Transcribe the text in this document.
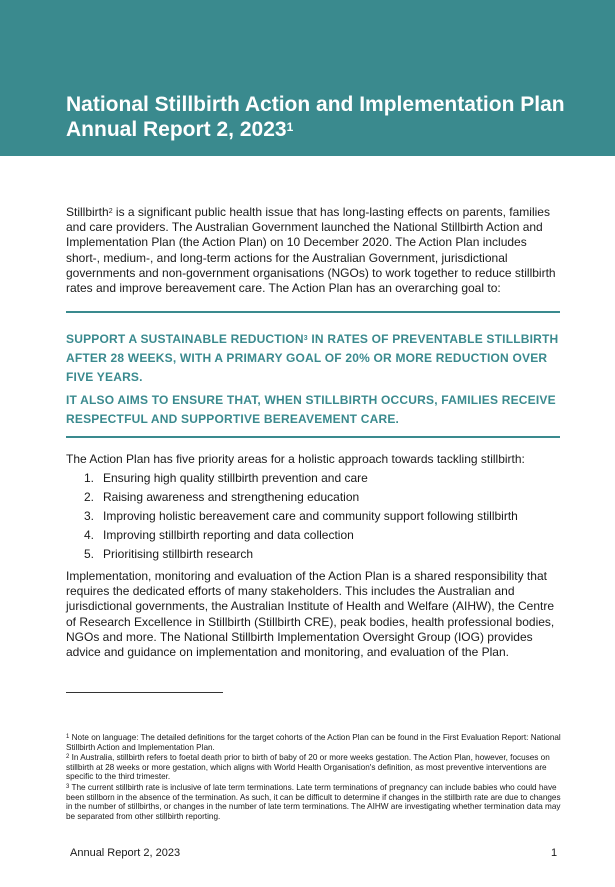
National Stillbirth Action and Implementation Plan Annual Report 2, 2023$^1$

Stillbirth$^2$ is a significant public health issue that has long-lasting effects on parents, families and care providers. The Australian Government launched the National Stillbirth Action and Implementation Plan (the Action Plan) on 10 December 2020. The Action Plan includes short-, medium-, and long-term actions for the Australian Government, jurisdictional governments and non-government organisations (NGOs) to work together to reduce stillbirth rates and improve bereavement care. The Action Plan has an overarching goal to:

SUPPORT A SUSTAINABLE REDUCTION$^3$ IN RATES OF PREVENTABLE STILLBIRTH AFTER 28 WEEKS, WITH A PRIMARY GOAL OF 20% OR MORE REDUCTION OVER FIVE YEARS.

IT ALSO AIMS TO ENSURE THAT, WHEN STILLBIRTH OCCURS, FAMILIES RECEIVE RESPECTFUL AND SUPPORTIVE BEREAVEMENT CARE.

The Action Plan has five priority areas for a holistic approach towards tackling stillbirth:

1. Ensuring high quality stillbirth prevention and care
2. Raising awareness and strengthening education
3. Improving holistic bereavement care and community support following stillbirth
4. Improving stillbirth reporting and data collection
5. Prioritising stillbirth research

Implementation, monitoring and evaluation of the Action Plan is a shared responsibility that requires the dedicated efforts of many stakeholders. This includes the Australian and jurisdictional governments, the Australian Institute of Health and Welfare (AIHW), the Centre of Research Excellence in Stillbirth (Stillbirth CRE), peak bodies, health professional bodies, NGOs and more. The National Stillbirth Implementation Oversight Group (IOG) provides advice and guidance on implementation and monitoring, and evaluation of the Plan.

$^1$ Note on language: The detailed definitions for the target cohorts of the Action Plan can be found in the First Evaluation Report: National Stillbirth Action and Implementation Plan.

$^2$ In Australia, stillbirth refers to foetal death prior to birth of baby of 20 or more weeks gestation. The Action Plan, however, focuses on stillbirth at 28 weeks or more gestation, which aligns with World Health Organisation's definition, as most preventive interventions are specific to the third trimester.

$^3$ The current stillbirth rate is inclusive of late term terminations. Late term terminations of pregnancy can include babies who could have been stillborn in the absence of the termination. As such, it can be difficult to determine if changes in the stillbirth rate are due to changes in the number of stillbirths, or changes in the number of late term terminations. The AIHW are investigating whether termination data may be separated from other stillbirth reporting.

Annual Report 2, 2023	1
